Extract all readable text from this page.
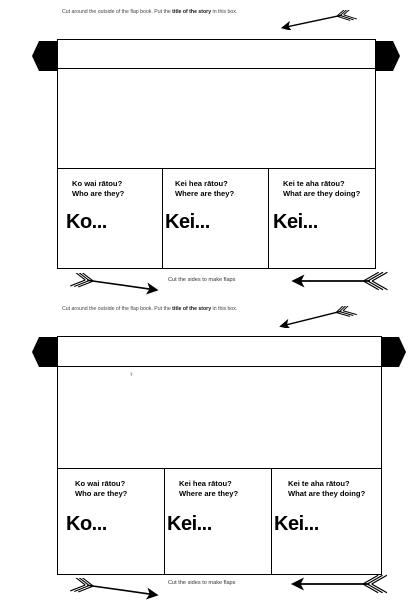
Cut around the outside of the flap book. Put the title of the story in this box.
Ko wai rātou?
Who are they?
Ko...
Kei hea rātou?
Where are they?
Kei...
Kei te aha rātou?
What are they doing?
Kei...
Cut the sides to make flaps
Cut around the outside of the flap book. Put the title of the story in this box.
ˀ
Ko wai rātou?
Who are they?
Ko...
Kei hea rātou?
Where are they?
Kei...
Kei te aha rātou?
What are they doing?
Kei...
Cut the sides to make flaps
